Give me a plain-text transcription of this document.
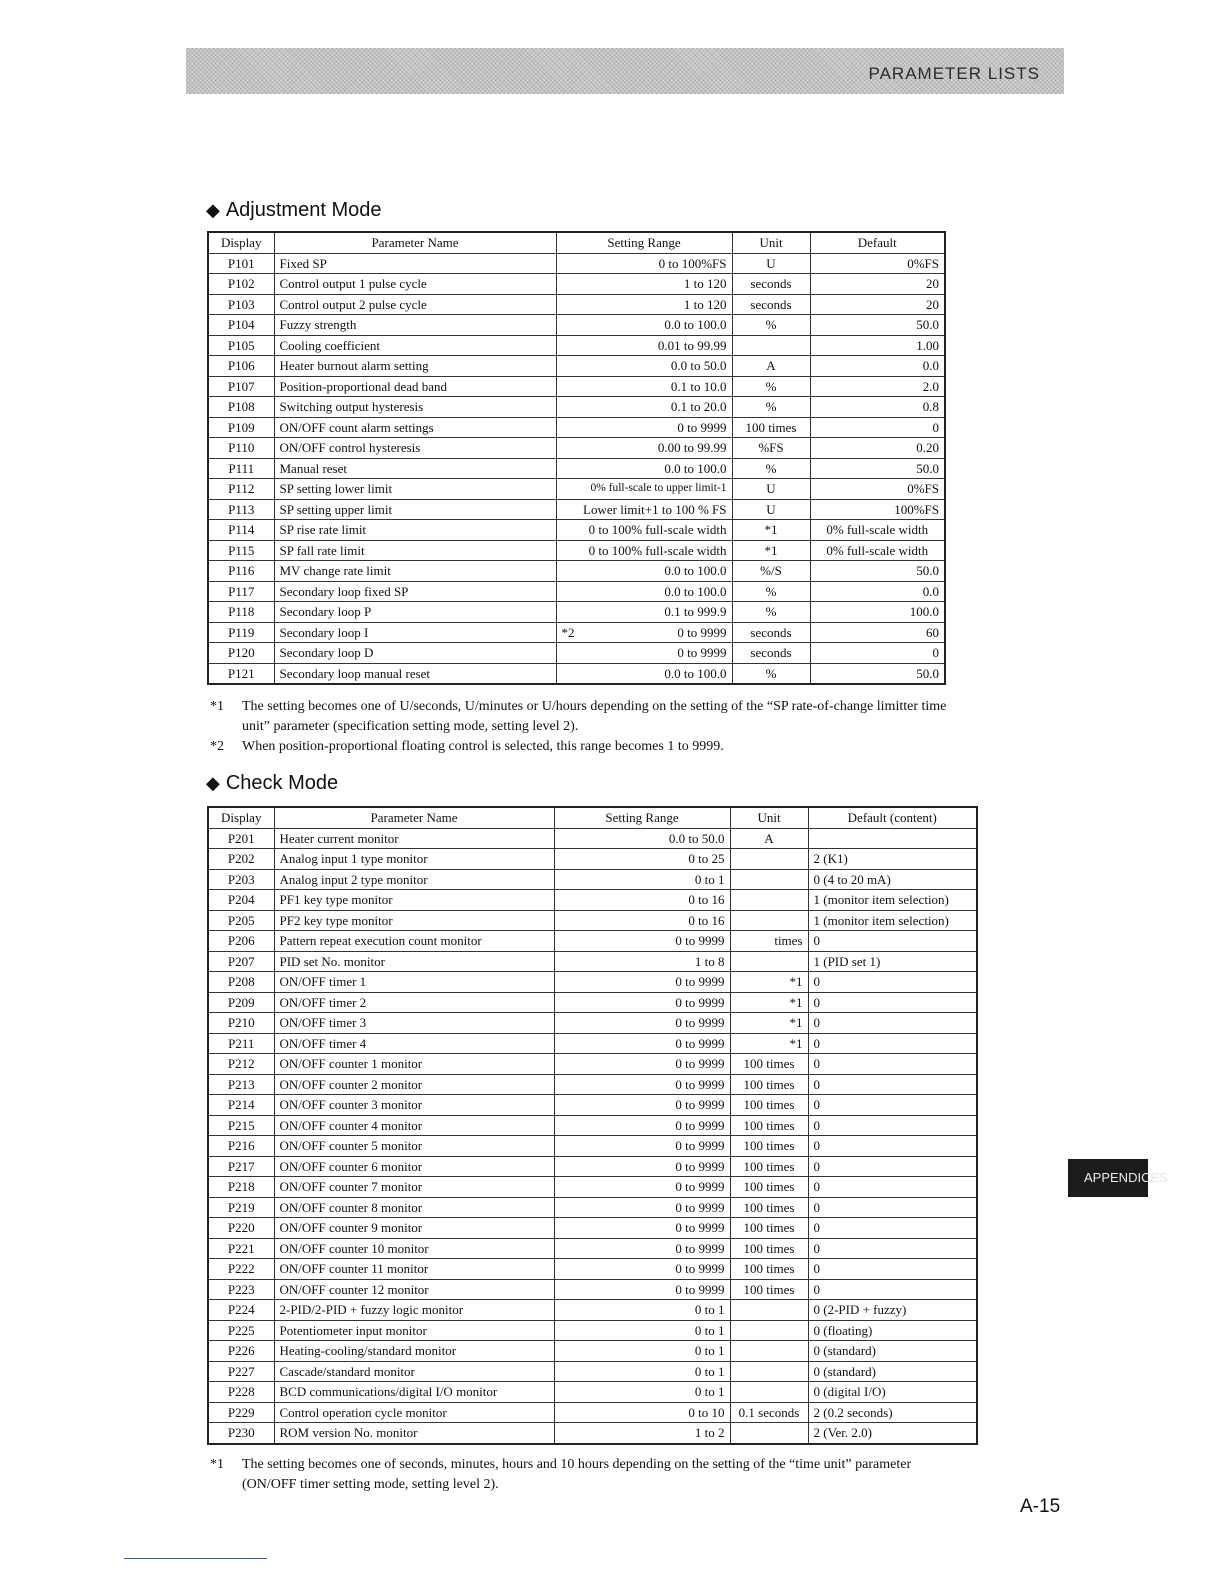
PARAMETER LISTS
◆ Adjustment Mode
Display	Parameter Name	Setting Range	Unit	Default
P101	Fixed SP	0 to 100%FS	U	0%FS
P102	Control output 1 pulse cycle	1 to 120	seconds	20
P103	Control output 2 pulse cycle	1 to 120	seconds	20
P104	Fuzzy strength	0.0 to 100.0	%	50.0
P105	Cooling coefficient	0.01 to 99.99		1.00
P106	Heater burnout alarm setting	0.0 to 50.0	A	0.0
P107	Position-proportional dead band	0.1 to 10.0	%	2.0
P108	Switching output hysteresis	0.1 to 20.0	%	0.8
P109	ON/OFF count alarm settings	0 to 9999	100 times	0
P110	ON/OFF control hysteresis	0.00 to 99.99	%FS	0.20
P111	Manual reset	0.0 to 100.0	%	50.0
P112	SP setting lower limit	0% full-scale to upper limit-1	U	0%FS
P113	SP setting upper limit	Lower limit+1 to 100 % FS	U	100%FS
P114	SP rise rate limit	0 to 100% full-scale width	*1	0% full-scale width
P115	SP fall rate limit	0 to 100% full-scale width	*1	0% full-scale width
P116	MV change rate limit	0.0 to 100.0	%/S	50.0
P117	Secondary loop fixed SP	0.0 to 100.0	%	0.0
P118	Secondary loop P	0.1 to 999.9	%	100.0
P119	Secondary loop I	*2 0 to 9999	seconds	60
P120	Secondary loop D	0 to 9999	seconds	0
P121	Secondary loop manual reset	0.0 to 100.0	%	50.0
*1 The setting becomes one of U/seconds, U/minutes or U/hours depending on the setting of the “SP rate-of-change limitter time unit” parameter (specification setting mode, setting level 2).
*2 When position-proportional floating control is selected, this range becomes 1 to 9999.
◆ Check Mode
Display	Parameter Name	Setting Range	Unit	Default (content)
P201	Heater current monitor	0.0 to 50.0	A	
P202	Analog input 1 type monitor	0 to 25		2 (K1)
P203	Analog input 2 type monitor	0 to 1		0 (4 to 20 mA)
P204	PF1 key type monitor	0 to 16		1 (monitor item selection)
P205	PF2 key type monitor	0 to 16		1 (monitor item selection)
P206	Pattern repeat execution count monitor	0 to 9999	times	0
P207	PID set No. monitor	1 to 8		1 (PID set 1)
P208	ON/OFF timer 1	0 to 9999	*1	0
P209	ON/OFF timer 2	0 to 9999	*1	0
P210	ON/OFF timer 3	0 to 9999	*1	0
P211	ON/OFF timer 4	0 to 9999	*1	0
P212	ON/OFF counter 1 monitor	0 to 9999	100 times	0
P213	ON/OFF counter 2 monitor	0 to 9999	100 times	0
P214	ON/OFF counter 3 monitor	0 to 9999	100 times	0
P215	ON/OFF counter 4 monitor	0 to 9999	100 times	0
P216	ON/OFF counter 5 monitor	0 to 9999	100 times	0
P217	ON/OFF counter 6 monitor	0 to 9999	100 times	0
P218	ON/OFF counter 7 monitor	0 to 9999	100 times	0
P219	ON/OFF counter 8 monitor	0 to 9999	100 times	0
P220	ON/OFF counter 9 monitor	0 to 9999	100 times	0
P221	ON/OFF counter 10 monitor	0 to 9999	100 times	0
P222	ON/OFF counter 11 monitor	0 to 9999	100 times	0
P223	ON/OFF counter 12 monitor	0 to 9999	100 times	0
P224	2-PID/2-PID + fuzzy logic monitor	0 to 1		0 (2-PID + fuzzy)
P225	Potentiometer input monitor	0 to 1		0 (floating)
P226	Heating-cooling/standard monitor	0 to 1		0 (standard)
P227	Cascade/standard monitor	0 to 1		0 (standard)
P228	BCD communications/digital I/O monitor	0 to 1		0 (digital I/O)
P229	Control operation cycle monitor	0 to 10	0.1 seconds	2 (0.2 seconds)
P230	ROM version No. monitor	1 to 2		2 (Ver. 2.0)
*1 The setting becomes one of seconds, minutes, hours and 10 hours depending on the setting of the “time unit” parameter (ON/OFF timer setting mode, setting level 2).
APPENDICES
A-15
